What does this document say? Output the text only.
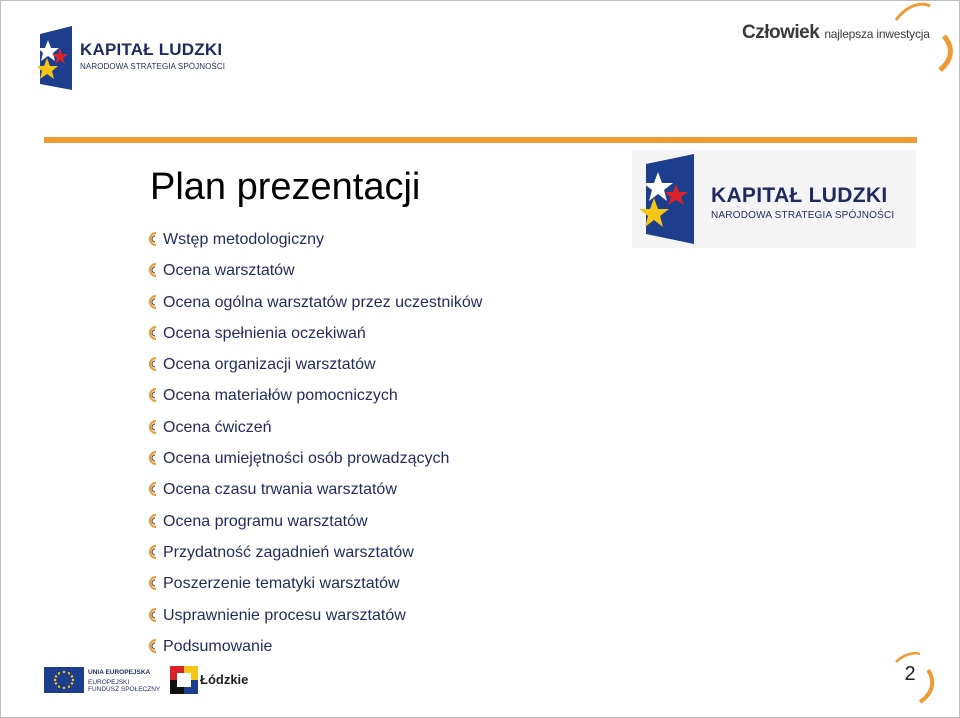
KAPITAŁ LUDZKI
NARODOWA STRATEGIA SPÓJNOŚCI
Człowiek najlepsza inwestycja
Plan prezentacji	KAPITAŁ LUDZKI
NARODOWA STRATEGIA SPÓJNOŚCI
Wstęp metodologiczny
Ocena warsztatów
Ocena ogólna warsztatów przez uczestników
Ocena spełnienia oczekiwań
Ocena organizacji warsztatów
Ocena materiałów pomocniczych
Ocena ćwiczeń
Ocena umiejętności osób prowadzących
Ocena czasu trwania warsztatów
Ocena programu warsztatów
Przydatność zagadnień warsztatów
Poszerzenie tematyki warsztatów
Usprawnienie procesu warsztatów
Podsumowanie
UNIA EUROPEJSKA
EUROPEJSKI
FUNDUSZ SPOŁECZNY
Łódzkie	2
